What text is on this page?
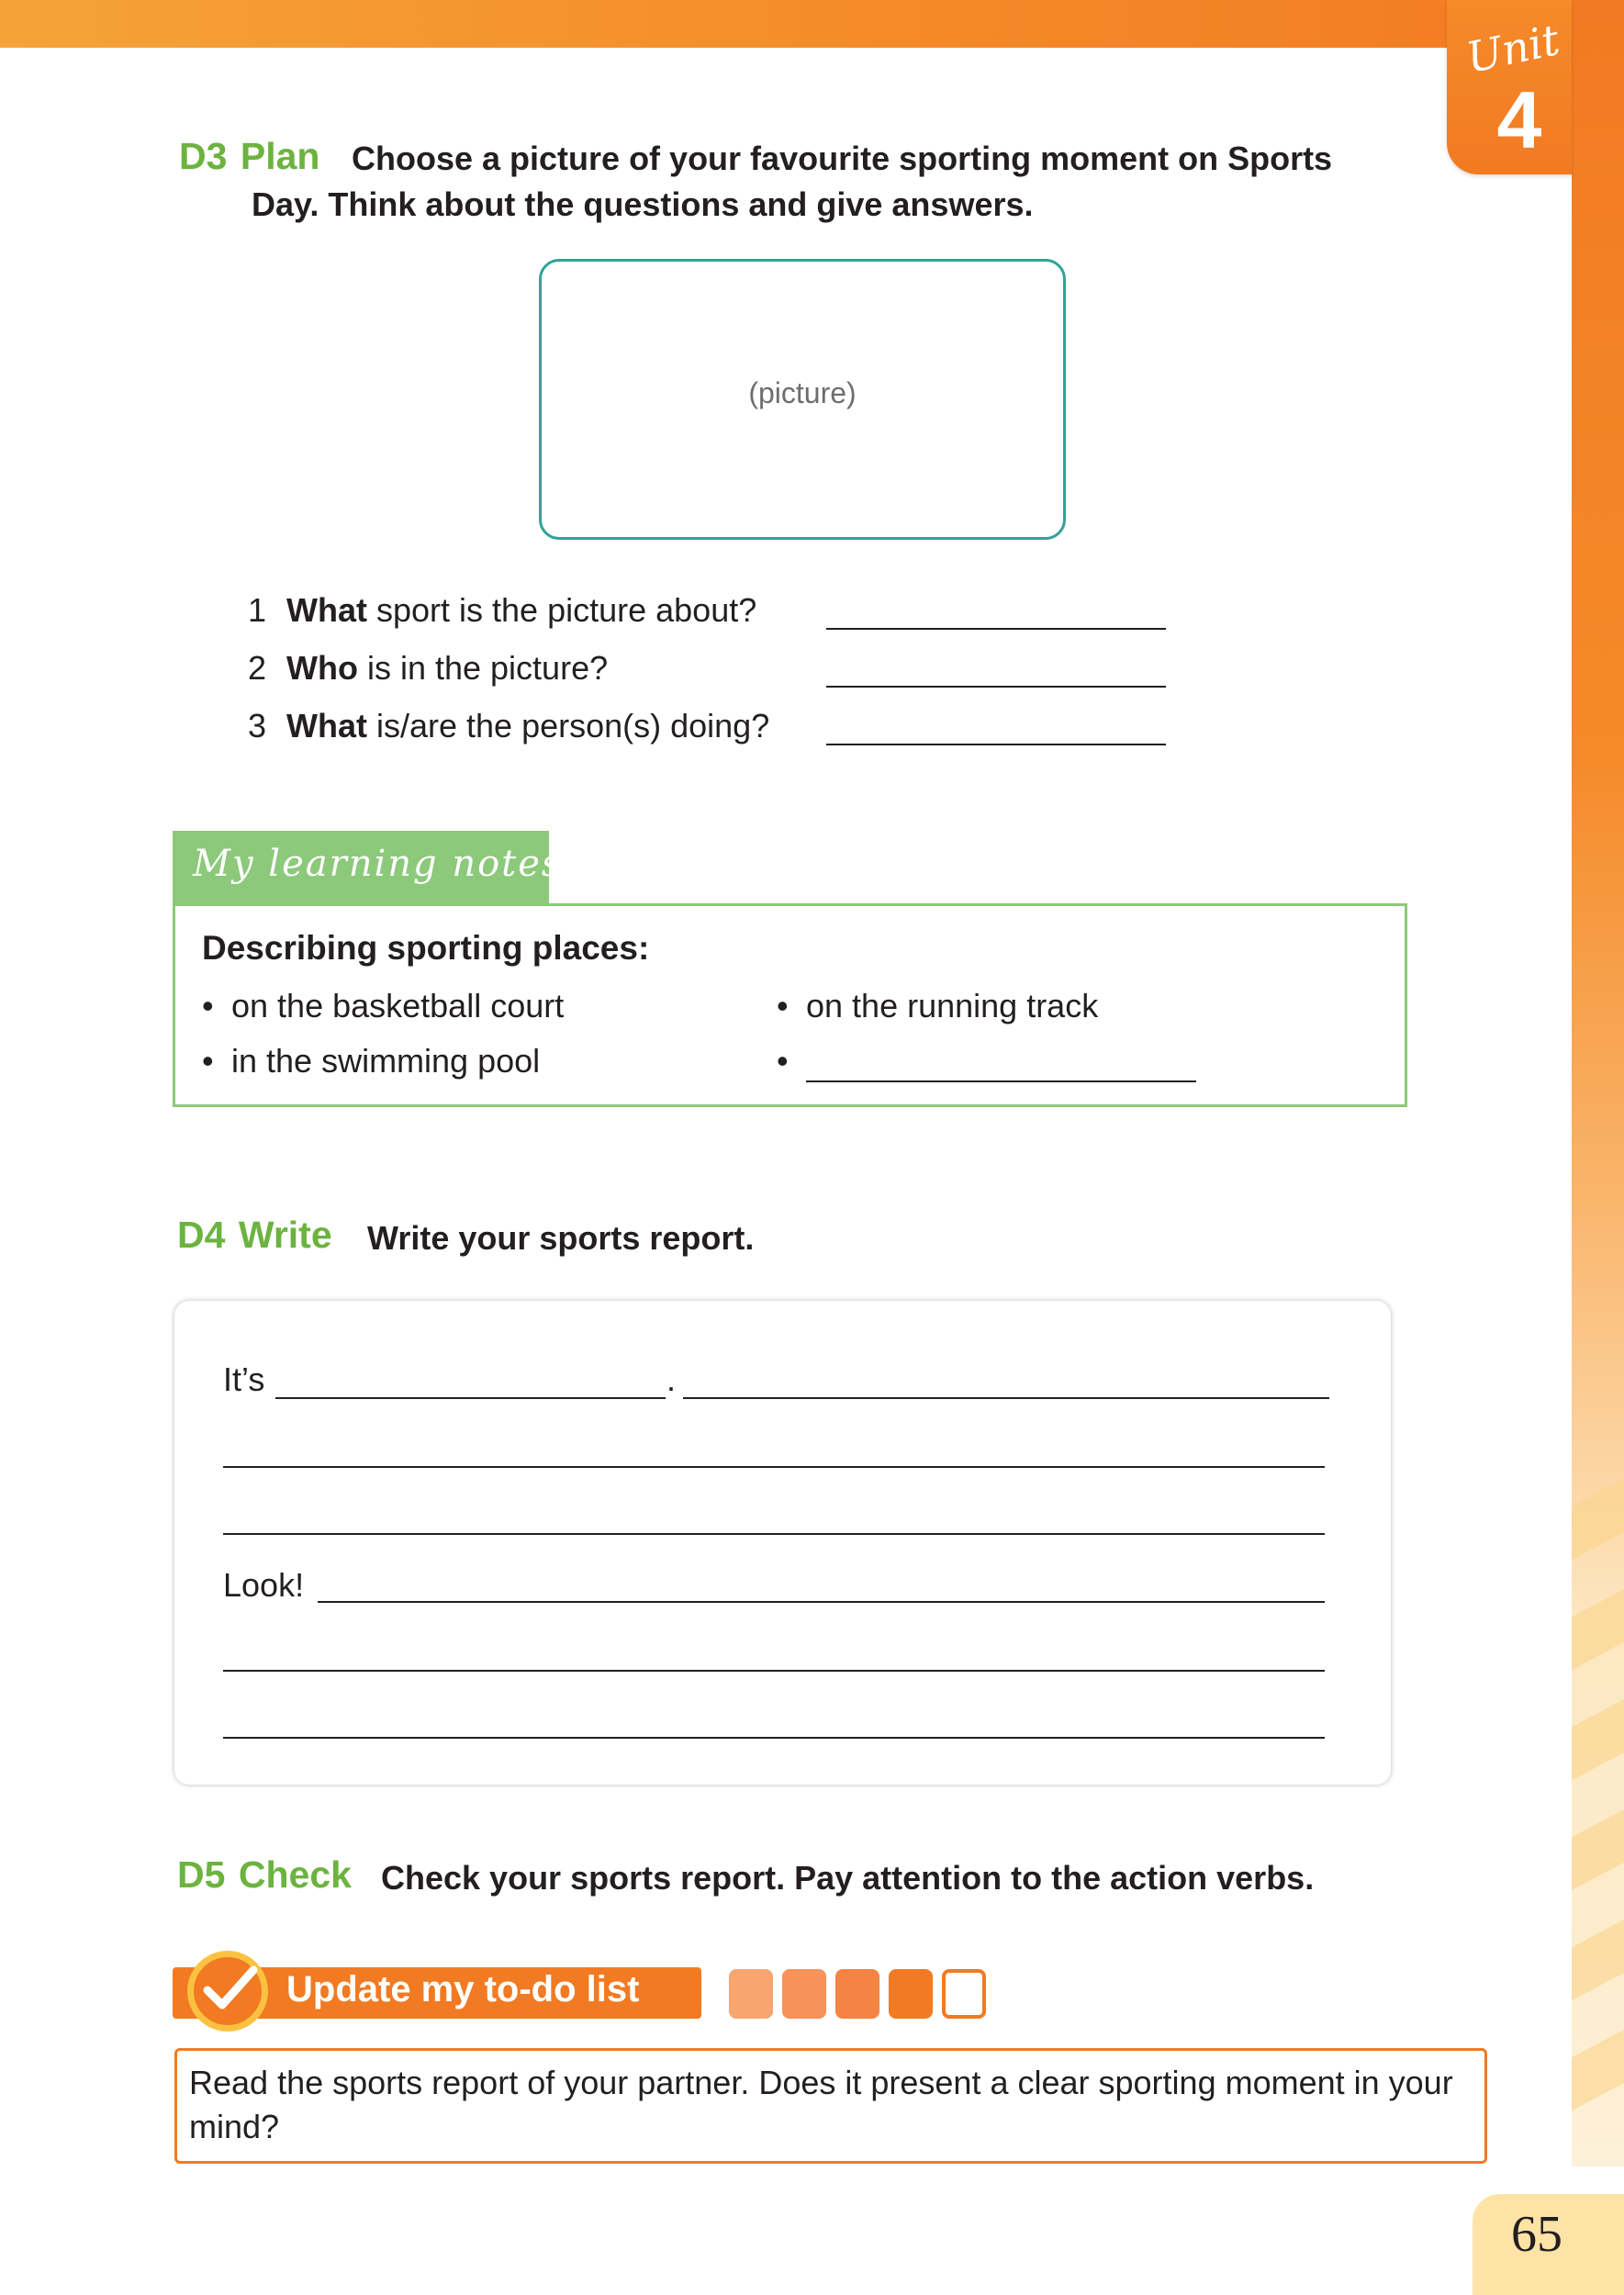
Unit
4
D3 Plan Choose a picture of your favourite sporting moment on Sports
Day. Think about the questions and give answers.
(picture)
1 What sport is the picture about?
2 Who is in the picture?
3 What is/are the person(s) doing?
My learning notes
Describing sporting places:
• on the basketball court
• in the swimming pool
• on the running track
•
D4 Write Write your sports report.
It’s	.
Look!
D5 Check Check your sports report. Pay attention to the action verbs.
Update my to-do list
Read the sports report of your partner. Does it present a clear sporting moment in your mind?
65
